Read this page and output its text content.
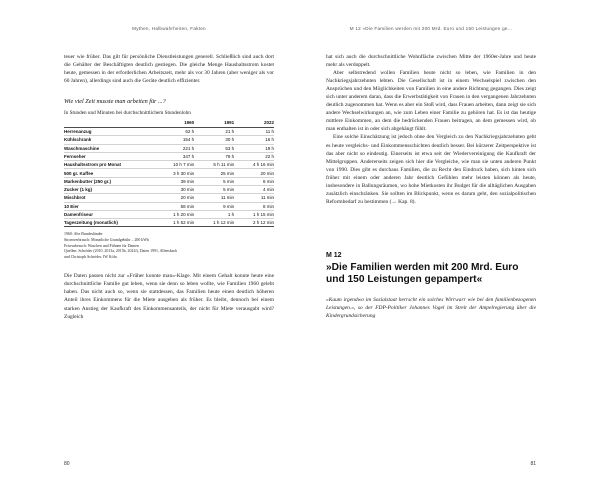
Mythen, Halbwahrheiten, Fakten

teuer wie früher. Das gilt für persönliche Dienstleistungen generell. Schließlich sind auch dort die Gehälter der Beschäftigten deutlich gestiegen. Die gleiche Menge Haushaltsstrom kostet heute, gemessen in der erforderlichen Arbeitszeit, mehr als vor 30 Jahren (aber weniger als vor 60 Jahren), allerdings sind auch die Geräte deutlich effizienter.

Wie viel Zeit musste man arbeiten für ...?
In Stunden und Minuten bei durchschnittlichem Stundenlohn
	1960	1991	2022
Herrenanzug	62 h	21 h	11 h
Kühlschrank	154 h	30 h	16 h
Waschmaschine	221 h	53 h	19 h
Fernseher	347 h	79 h	22 h
Haushaltsstrom pro Monat	10 h 7 min	5 h 11 min	4 h 16 min
500 gr. Kaffee	3 h 30 min	25 min	20 min
Markenbutter (250 gr.)	39 min	5 min	8 min
Zucker (1 kg)	30 min	5 min	4 min
Mischbrot	20 min	11 min	11 min
10 Eier	58 min	9 min	8 min
Damenfriseur	1 h 20 min	1 h	1 h 15 min
Tageszeitung (monatlich)	1 h 52 min	1 h 12 min	2 h 12 min
1960: Alte Bundesländer
Stromverbrauch: Monatliche Grundgebühr – 200 kWh
Friseurbesuch: Waschen und Föhnen für Damen
Quellen: Schröder (2010, 2013a, 2015b, 2022f), Daten 1991, Allensbach
und Christoph Schröder, IW Köln.

Die Daten passen nicht zur »Früher konnte man«-Klage. Mit einem Gehalt konnte heute eine durchschnittliche Familie gut leben, wenn sie denn so leben wollte, wie Familien 1960 gelebt haben. Das nicht auch so, wenn sie stattdessen, das Familien heute einen deutlich höheren Anteil ihres Einkommens für die Miete ausgeben als früher. Es bleibt, dennoch bei einem starken Anstieg der Kaufkraft des Einkommensanteils, der nicht für Miete verausgabt wird? Zugleich

80
M 12 »Die Familien werden mit 200 Mrd. Euro und 150 Leistungen ge...

hat sich auch die durchschnittliche Wohnfläche zwischen Mitte der 1960er-Jahre und heute mehr als verdoppelt.

Aber selbstredend wollen Familien heute nicht so leben, wie Familien in den Nachkriegsjahrzehnten lebten. Die Gesellschaft ist in einem Wechselspiel zwischen den Ansprüchen und den Möglichkeiten von Familien in eine andere Richtung gegangen. Dies zeigt sich unter anderem daran, dass die Erwerbstätigkeit von Frauen in den vergangenen Jahrzehnten deutlich zugenommen hat. Wenn es aber ein Stoß wird, dass Frauen arbeiten, dann zeigt sie sich andere Wechselwirkungen an, wie zum Leben einer Familie zu gehören hat. Es ist das heutige mittlere Einkommen, an dem die bedrückenden Frauen beitragen, an dem gemessen wird, ob man enthalten ist in oder sich abgehängt fühlt.

Eine solche Einschätzung ist jedoch ohne den Vergleich zu den Nachkriegsjahrzehnten geht es heute vergleichs- und Einkommensschichten deutlich besser. Bei kürzerer Zeitperspektive ist das aber nicht so eindeutig. Einerseits ist etwa seit der Wiedervereinigung die Kaufkraft der Mittelgruppen. Andererseits zeigen sich hier die Vergleiche, wie man sie unten anderen Punkt von 1990. Dies gibt es durchaus Familien, die zu Recht den Eindruck haben, sich hinten sich früher mit einem oder anderen Jahr deutlich Gefühlen mehr leisten können als heute, insbesondere in Ballungsräumen, wo hohe Mietkosten ihr Budget für die alltäglichen Ausgaben zusätzlich einschränken. Sie sollten im Blickpunkt, wenn es darum geht, den sozialpolitischen Reformbedarf zu bestimmen (→ Kap. 8).

M 12
»Die Familien werden mit 200 Mrd. Euro und 150 Leistungen gepampert«

»Kaum irgendwo im Sozialstaat herrscht ein solches Wirrwarr wie bei den familienbezogenen Leistungen.«, so der FDP-Politiker Johannes Vogel im Streit der Ampelregierung über die Kindergrundsicherung

81
